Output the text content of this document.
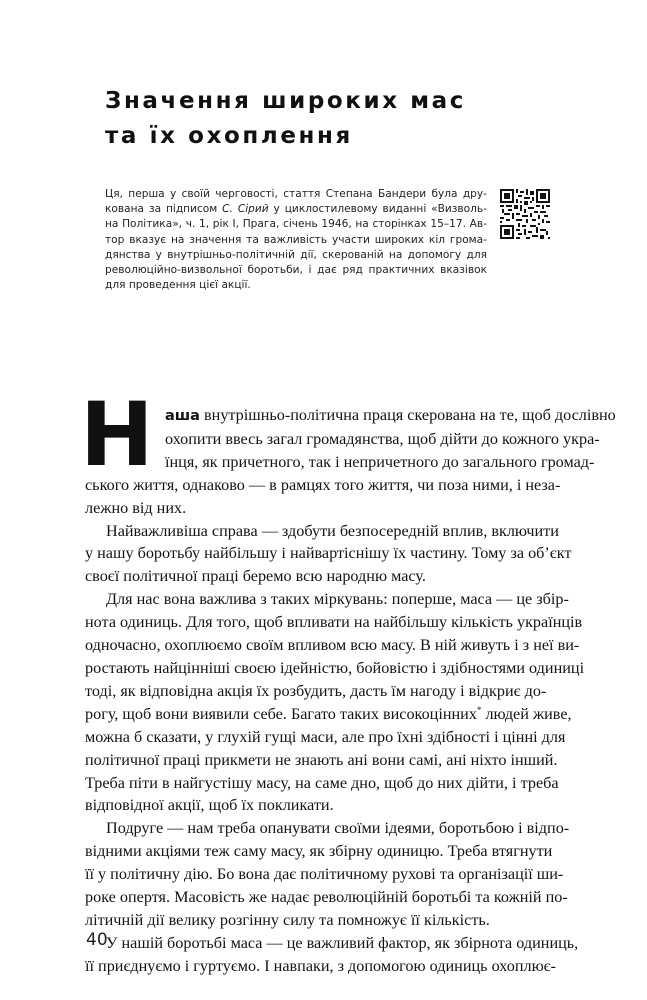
Значення широких мас
та їх охоплення
Ця, перша у своїй черговості, стаття Степана Бандери була дру-
кована за підписом С. Сірий у циклостилевому виданні «Визволь-
на Політика», ч. 1, рік І, Прага, січень 1946, на сторінках 15–17. Ав-
тор вказує на значення та важливість участи широких кіл грома-
дянства у внутрішньо-політичній дії, скерованій на допомогу для
революційно-визвольної боротьби, і дає ряд практичних вказівок
для проведення цієї акції.
Н аша внутрішньо-політична праця скерована на те, щоб дослівно
охопити ввесь загал громадянства, щоб дійти до кожного укра-
їнця, як причетного, так і непричетного до загального громад-
ського життя, однаково — в рамцях того життя, чи поза ними, і неза-
лежно від них.
Найважливіша справа — здобути безпосередній вплив, включити
у нашу боротьбу найбільшу і найвартіснішу їх частину. Тому за об’єкт
своєї політичної праці беремо всю народню масу.
Для нас вона важлива з таких міркувань: поперше, маса — це збір-
нота одиниць. Для того, щоб впливати на найбільшу кількість українців
одночасно, охоплюємо своїм впливом всю масу. В ній живуть і з неї ви-
ростають найцінніші своєю ідейністю, бойовістю і здібностями одиниці
тоді, як відповідна акція їх розбудить, дасть їм нагоду і відкриє до-
рогу, щоб вони виявили себе. Багато таких високоцінних* людей живе,
можна б сказати, у глухій гущі маси, але про їхні здібності і цінні для
політичної праці прикмети не знають ані вони самі, ані ніхто інший.
Треба піти в найгустішу масу, на саме дно, щоб до них дійти, і треба
відповідної акції, щоб їх покликати.
Подруге — нам треба опанувати своїми ідеями, боротьбою і відпо-
відними акціями теж саму масу, як збірну одиницю. Треба втягнути
її у політичну дію. Бо вона дає політичному рухові та організації ши-
роке опертя. Масовість же надає революційній боротьбі та кожній по-
літичній дії велику розгінну силу та помножує її кількість.
У нашій боротьбі маса — це важливий фактор, як збірнота одиниць,
її приєднуємо і гуртуємо. І навпаки, з допомогою одиниць охоплює-
40
